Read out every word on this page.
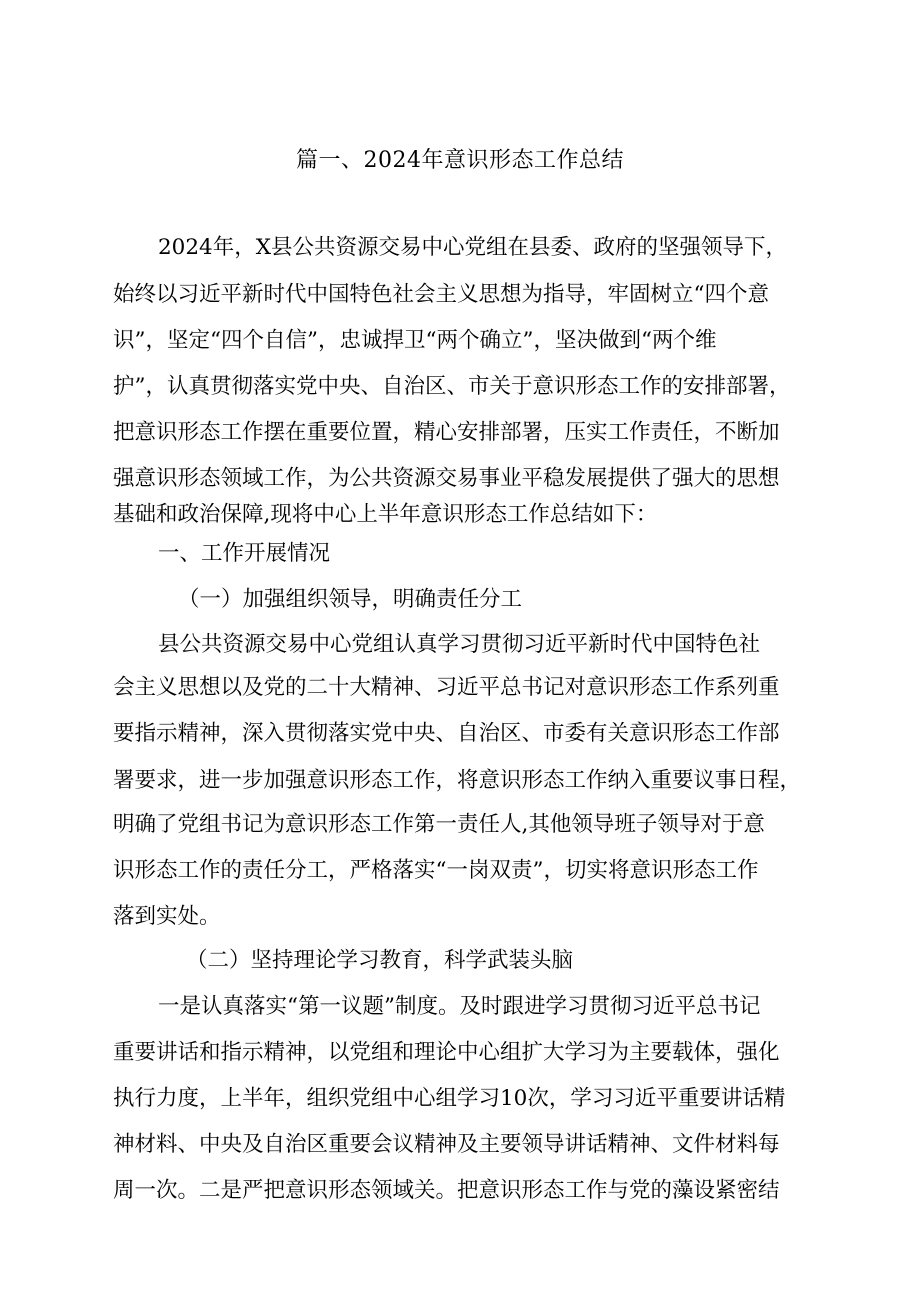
篇一、2024年意识形态工作总结
2024年，X县公共资源交易中心党组在县委、政府的坚强领导下，
始终以习近平新时代中国特色社会主义思想为指导，牢固树立“四个意
识”，坚定“四个自信”，忠诚捍卫“两个确立”，坚决做到“两个维
护”，认真贯彻落实党中央、自治区、市关于意识形态工作的安排部署，
把意识形态工作摆在重要位置，精心安排部署，压实工作责任，不断加
强意识形态领域工作，为公共资源交易事业平稳发展提供了强大的思想
基础和政治保障,现将中心上半年意识形态工作总结如下：
一、工作开展情况
（一）加强组织领导，明确责任分工
县公共资源交易中心党组认真学习贯彻习近平新时代中国特色社
会主义思想以及党的二十大精神、习近平总书记对意识形态工作系列重
要指示精神，深入贯彻落实党中央、自治区、市委有关意识形态工作部
署要求，进一步加强意识形态工作，将意识形态工作纳入重要议事日程，
明确了党组书记为意识形态工作第一责任人,其他领导班子领导对于意
识形态工作的责任分工，严格落实“一岗双责”，切实将意识形态工作
落到实处。
（二）坚持理论学习教育，科学武装头脑
一是认真落实“第一议题”制度。及时跟进学习贯彻习近平总书记
重要讲话和指示精神，以党组和理论中心组扩大学习为主要载体，强化
执行力度，上半年，组织党组中心组学习10次，学习习近平重要讲话精
神材料、中央及自治区重要会议精神及主要领导讲话精神、文件材料每
周一次。二是严把意识形态领域关。把意识形态工作与党的藻设紧密结
